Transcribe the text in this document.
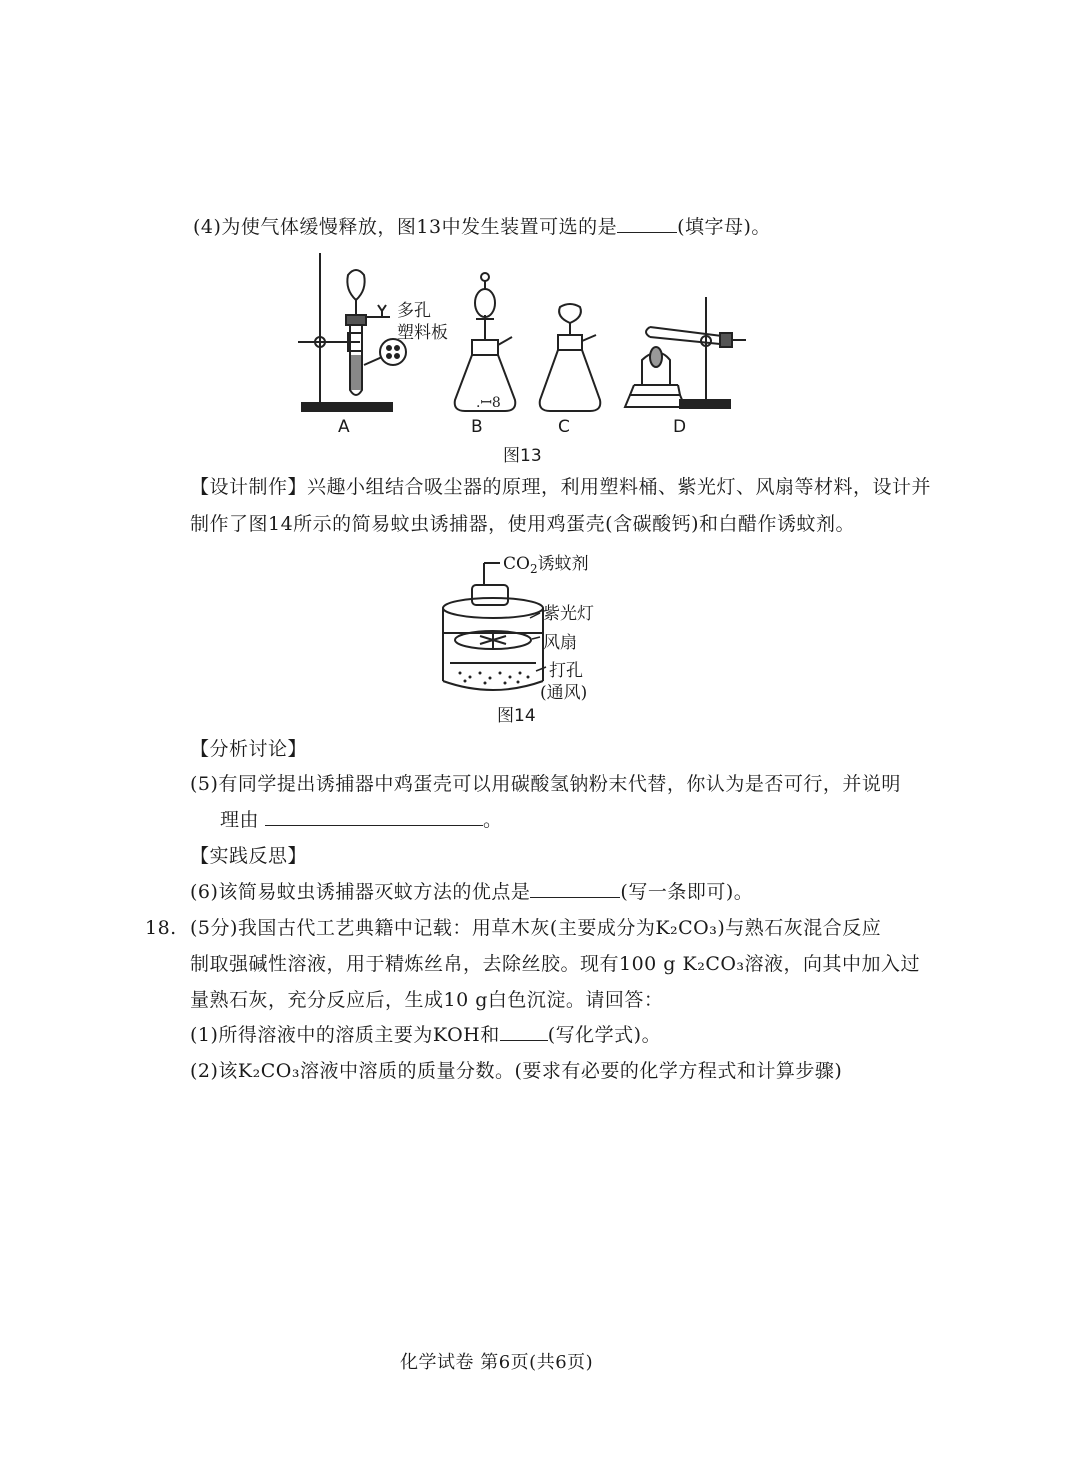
(4)为使气体缓慢释放，图13中发生装置可选的是	(填字母)。
.ꟷ8
多孔
塑料板
A	B	C	D
图13
【设计制作】兴趣小组结合吸尘器的原理，利用塑料桶、紫光灯、风扇等材料，设计并
制作了图14所示的简易蚊虫诱捕器，使用鸡蛋壳(含碳酸钙)和白醋作诱蚊剂。
$CO_2$诱蚊剂
紫光灯
风扇
打孔
(通风)
图14
【分析讨论】
(5)有同学提出诱捕器中鸡蛋壳可以用碳酸氢钠粉末代替，你认为是否可行，并说明
理由	。
【实践反思】
(6)该简易蚊虫诱捕器灭蚊方法的优点是	(写一条即可)。
18. (5分)我国古代工艺典籍中记载：用草木灰(主要成分为K₂CO₃)与熟石灰混合反应
制取强碱性溶液，用于精炼丝帛，去除丝胶。现有100 g K₂CO₃溶液，向其中加入过
量熟石灰，充分反应后，生成10 g白色沉淀。请回答：
(1)所得溶液中的溶质主要为KOH和	(写化学式)。
(2)该K₂CO₃溶液中溶质的质量分数。(要求有必要的化学方程式和计算步骤)
化学试卷 第6页(共6页)
